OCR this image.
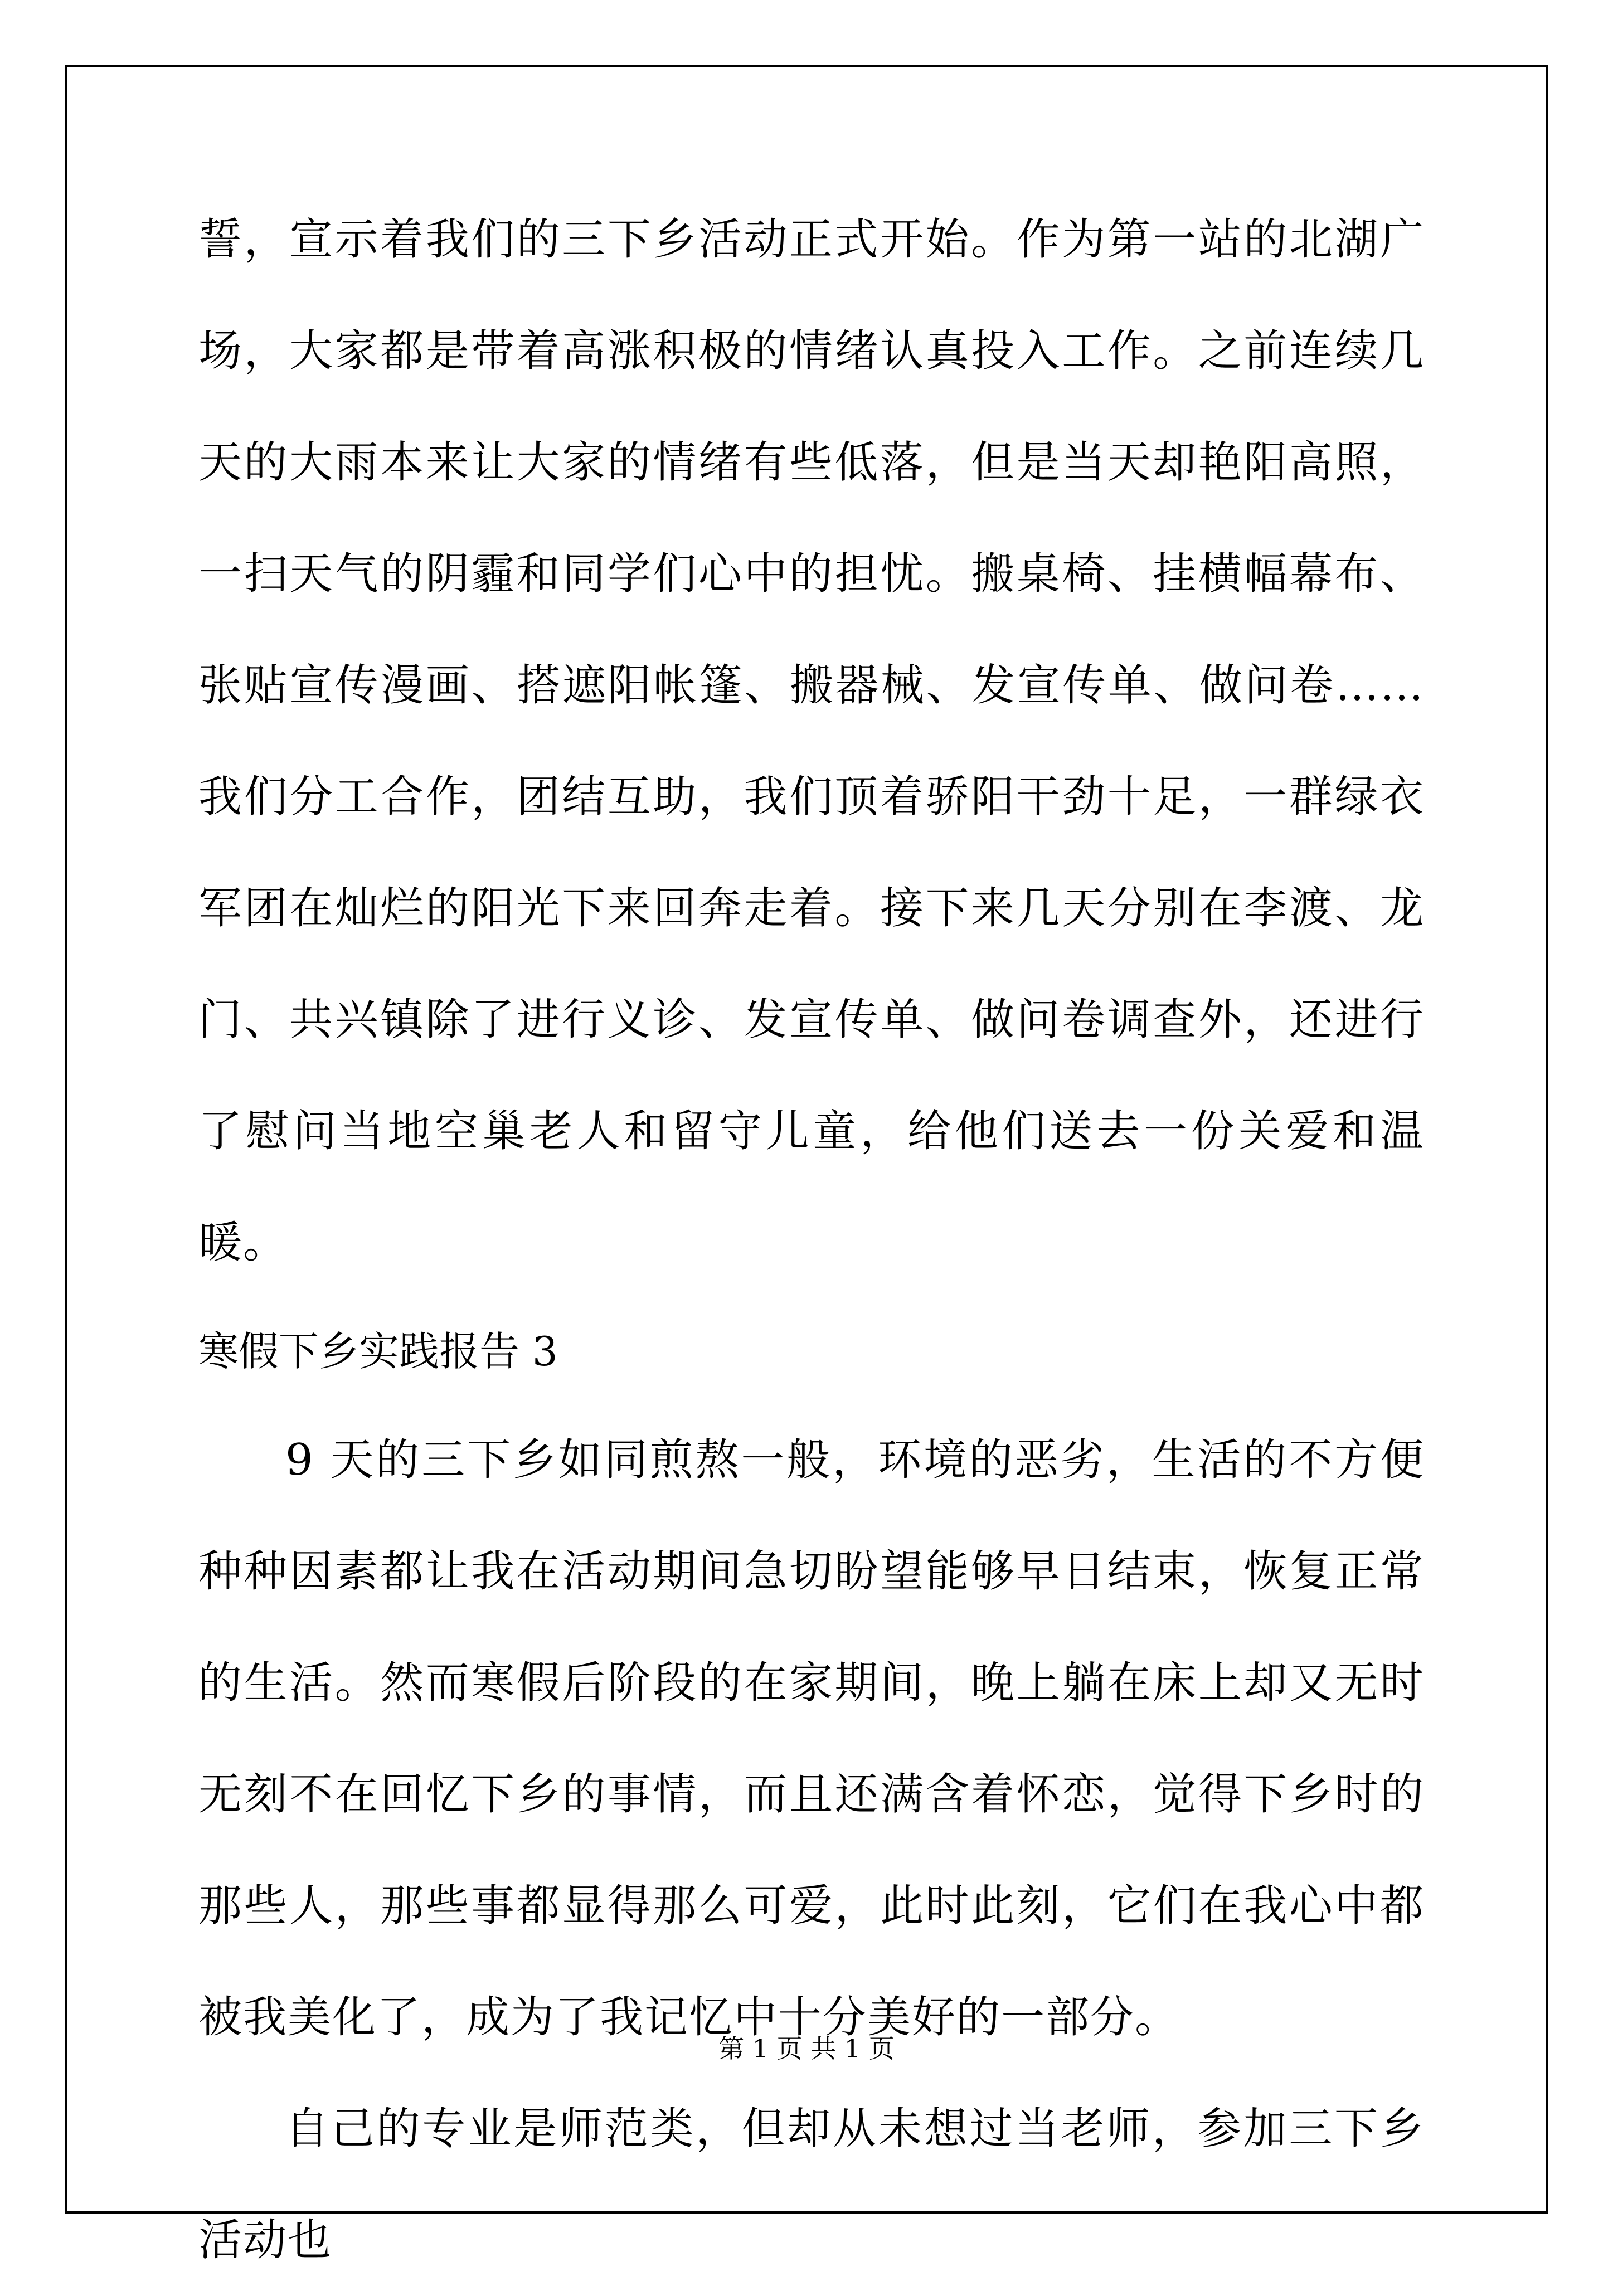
誓，宣示着我们的三下乡活动正式开始。作为第一站的北湖广场，大家都是带着高涨积极的情绪认真投入工作。之前连续几天的大雨本来让大家的情绪有些低落，但是当天却艳阳高照，一扫天气的阴霾和同学们心中的担忧。搬桌椅、挂横幅幕布、张贴宣传漫画、搭遮阳帐篷、搬器械、发宣传单、做问卷……我们分工合作，团结互助，我们顶着骄阳干劲十足，一群绿衣军团在灿烂的阳光下来回奔走着。接下来几天分别在李渡、龙门、共兴镇除了进行义诊、发宣传单、做问卷调查外，还进行了慰问当地空巢老人和留守儿童，给他们送去一份关爱和温暖。

寒假下乡实践报告 3

9 天的三下乡如同煎熬一般，环境的恶劣，生活的不方便种种因素都让我在活动期间急切盼望能够早日结束，恢复正常的生活。然而寒假后阶段的在家期间，晚上躺在床上却又无时无刻不在回忆下乡的事情，而且还满含着怀恋，觉得下乡时的那些人，那些事都显得那么可爱，此时此刻，它们在我心中都被我美化了，成为了我记忆中十分美好的一部分。

自己的专业是师范类，但却从未想过当老师，参加三下乡活动也

第 1 页 共 1 页
